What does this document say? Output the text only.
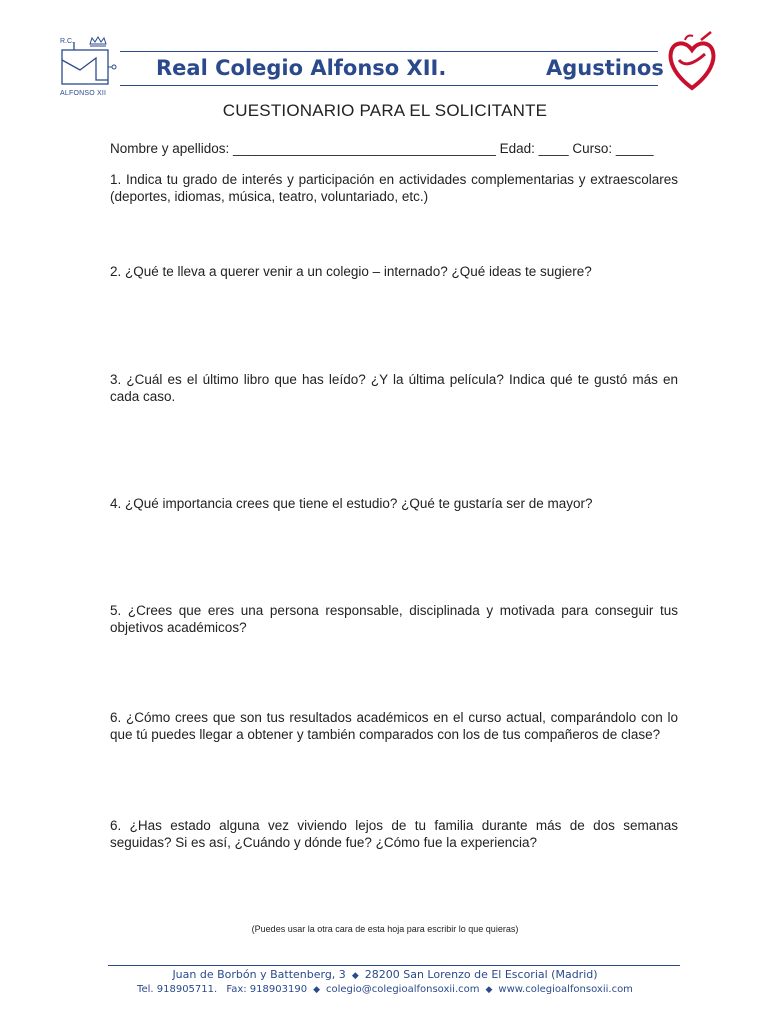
R.C.
ALFONSO XII
Real Colegio Alfonso XII.	Agustinos
CUESTIONARIO PARA EL SOLICITANTE
Nombre y apellidos: ___________________________________ Edad: ____ Curso: _____
1. Indica tu grado de interés y participación en actividades complementarias y extraescolares (deportes, idiomas, música, teatro, voluntariado, etc.)
2. ¿Qué te lleva a querer venir a un colegio – internado? ¿Qué ideas te sugiere?
3. ¿Cuál es el último libro que has leído? ¿Y la última película? Indica qué te gustó más en cada caso.
4. ¿Qué importancia crees que tiene el estudio? ¿Qué te gustaría ser de mayor?
5. ¿Crees que eres una persona responsable, disciplinada y motivada para conseguir tus objetivos académicos?
6. ¿Cómo crees que son tus resultados académicos en el curso actual, comparándolo con lo que tú puedes llegar a obtener y también comparados con los de tus compañeros de clase?
6. ¿Has estado alguna vez viviendo lejos de tu familia durante más de dos semanas seguidas? Si es así, ¿Cuándo y dónde fue? ¿Cómo fue la experiencia?
(Puedes usar la otra cara de esta hoja para escribir lo que quieras)
Juan de Borbón y Battenberg, 3 ◆ 28200 San Lorenzo de El Escorial (Madrid)
Tel. 918905711. Fax: 918903190 ◆ colegio@colegioalfonsoxii.com ◆ www.colegioalfonsoxii.com
